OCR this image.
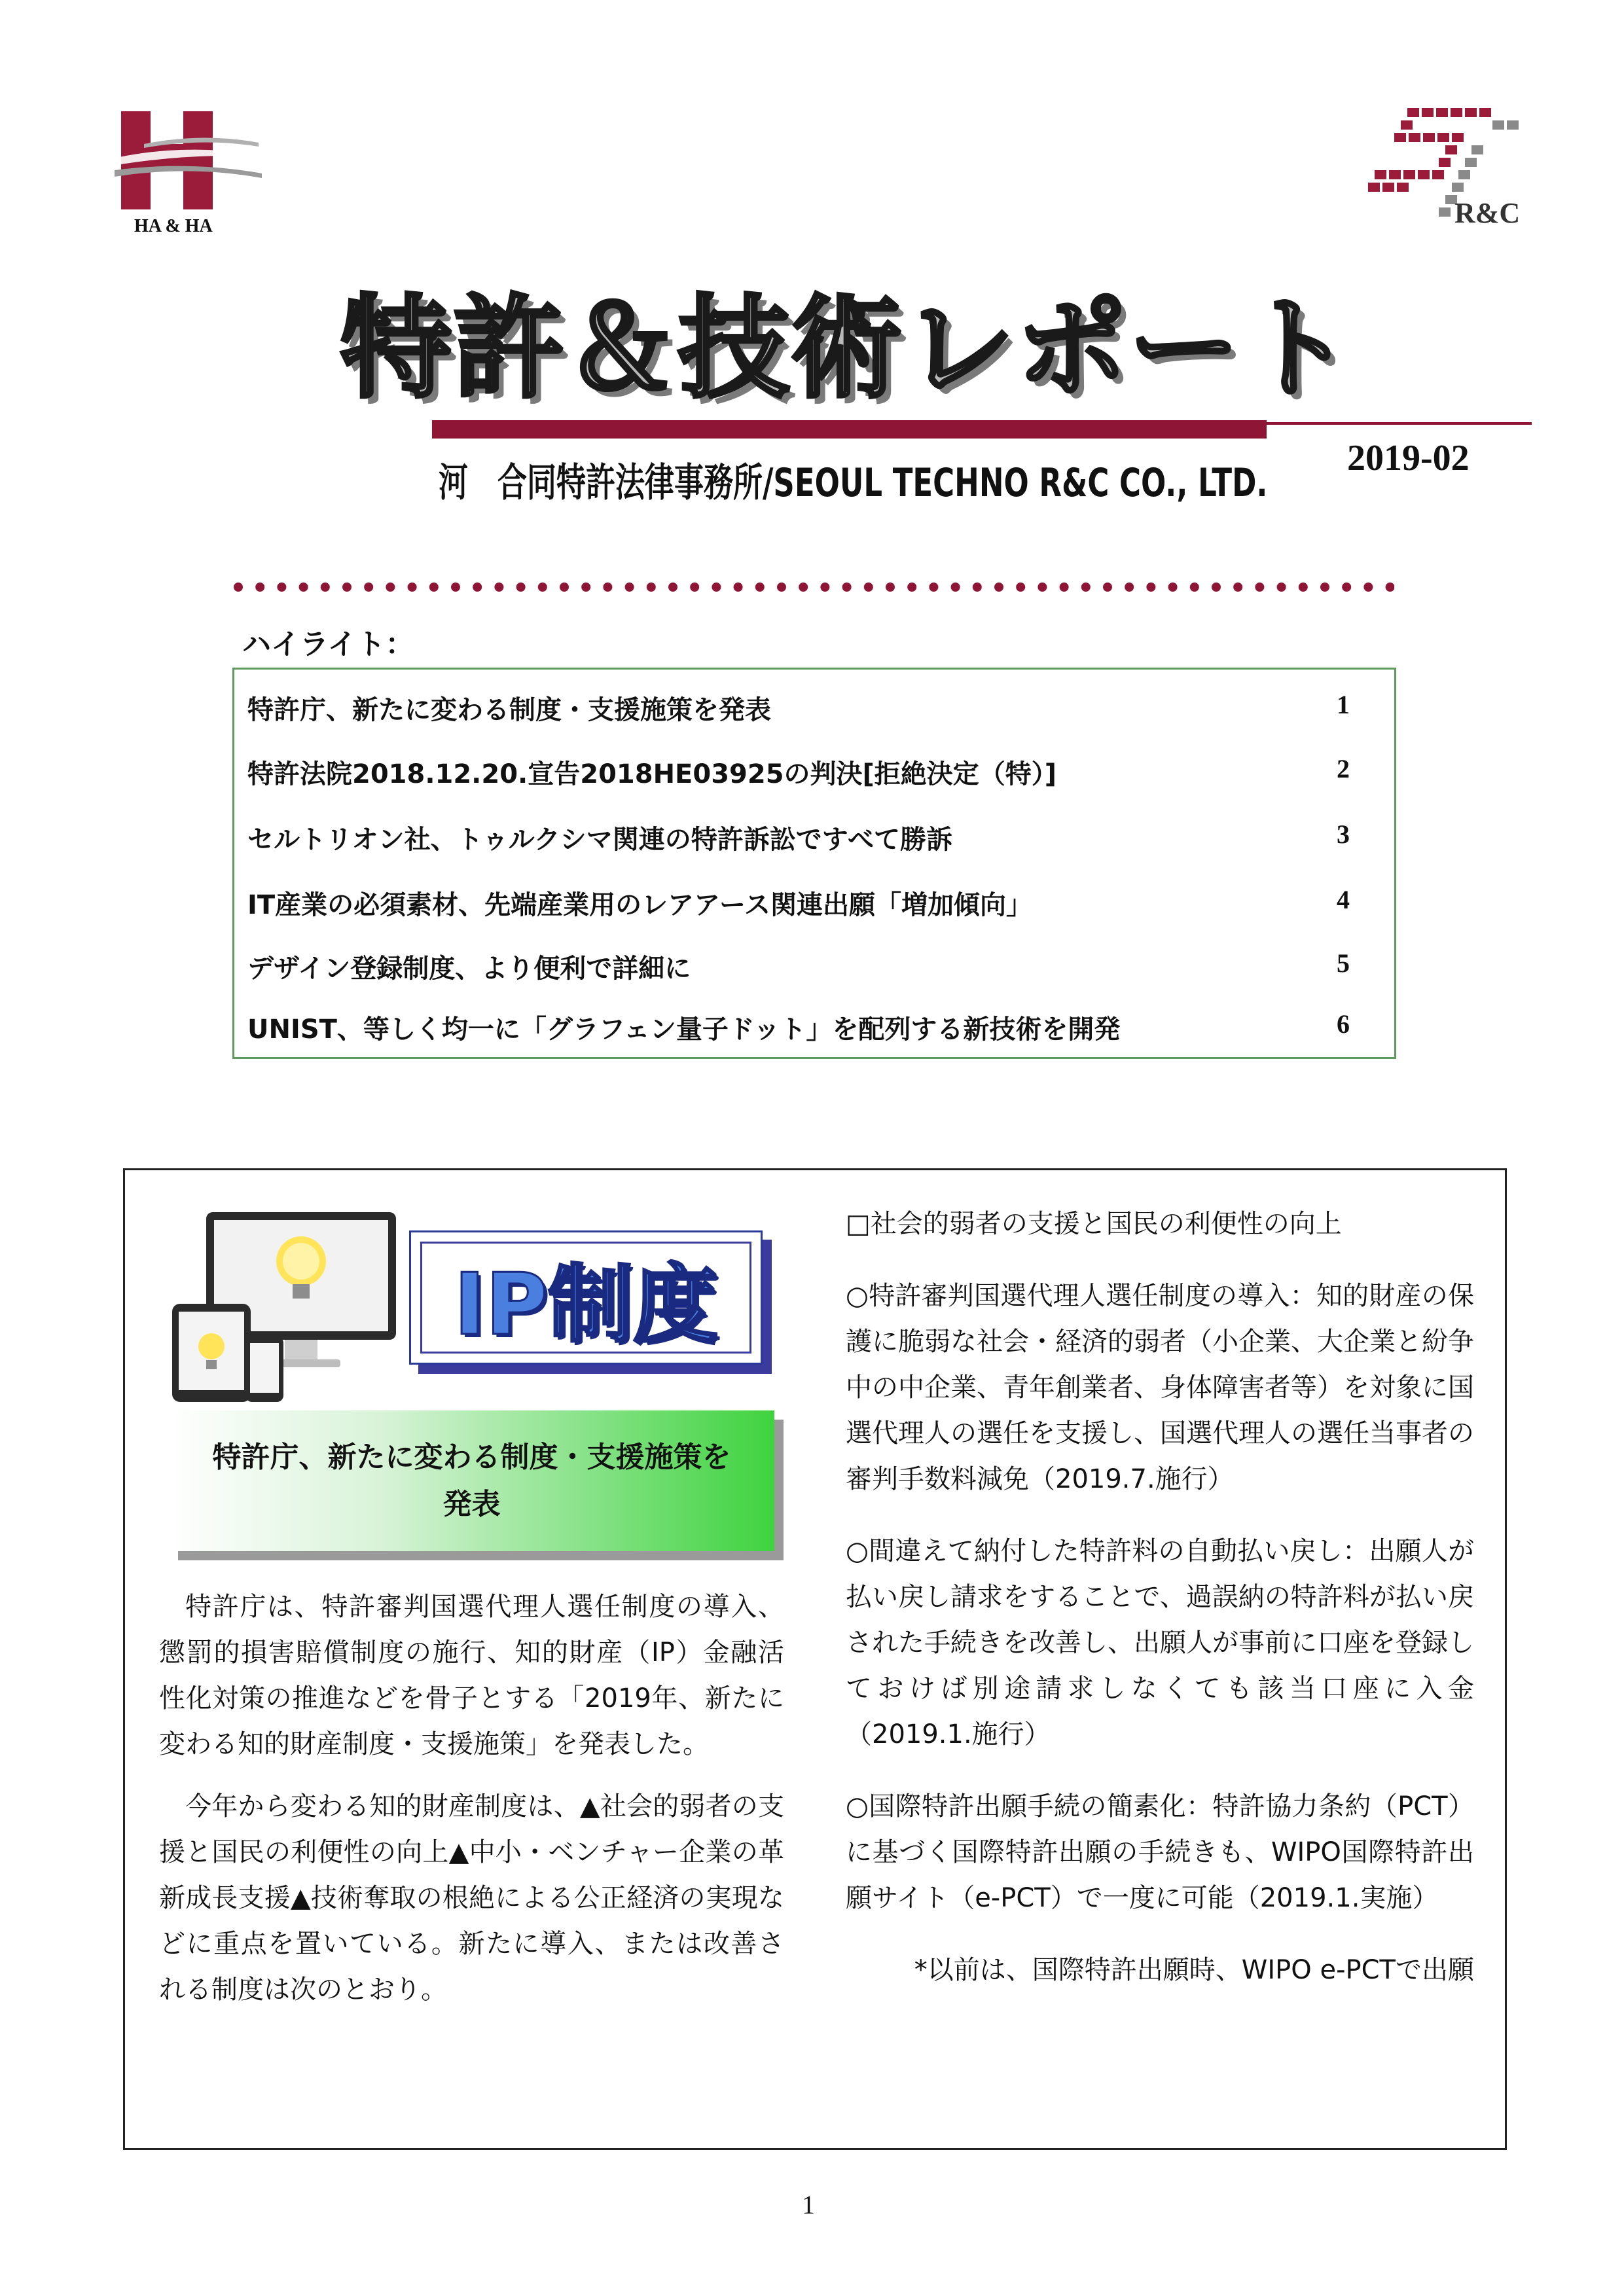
HA & HA	R&C
特許＆技術レポート
河　合同特許法律事務所/SEOUL TECHNO R&C CO., LTD.
2019-02
ハイライト：
特許庁、新たに変わる制度・支援施策を発表	1
特許法院2018.12.20.宣告2018HE03925の判決[拒絶決定（特）]	2
セルトリオン社、トゥルクシマ関連の特許訴訟ですべて勝訴	3
IT産業の必須素材、先端産業用のレアアース関連出願「増加傾向」	4
デザイン登録制度、より便利で詳細に	5
UNIST、等しく均一に「グラフェン量子ドット」を配列する新技術を開発	6
IP制度
特許庁、新たに変わる制度・支援施策を発表

特許庁は、特許審判国選代理人選任制度の導入、懲罰的損害賠償制度の施行、知的財産（IP）金融活性化対策の推進などを骨子とする「2019年、新たに変わる知的財産制度・支援施策」を発表した。

今年から変わる知的財産制度は、▲社会的弱者の支援と国民の利便性の向上▲中小・ベンチャー企業の革新成長支援▲技術奪取の根絶による公正経済の実現などに重点を置いている。新たに導入、または改善される制度は次のとおり。

□社会的弱者の支援と国民の利便性の向上

○特許審判国選代理人選任制度の導入：知的財産の保護に脆弱な社会・経済的弱者（小企業、大企業と紛争中の中企業、青年創業者、身体障害者等）を対象に国選代理人の選任を支援し、国選代理人の選任当事者の審判手数料減免（2019.7.施行）

○間違えて納付した特許料の自動払い戻し：出願人が払い戻し請求をすることで、過誤納の特許料が払い戻された手続きを改善し、出願人が事前に口座を登録しておけば別途請求しなくても該当口座に入金（2019.1.施行）

○国際特許出願手続の簡素化：特許協力条約（PCT）に基づく国際特許出願の手続きも、WIPO国際特許出願サイト（e-PCT）で一度に可能（2019.1.実施）

*以前は、国際特許出願時、WIPO e-PCTで出願

1
